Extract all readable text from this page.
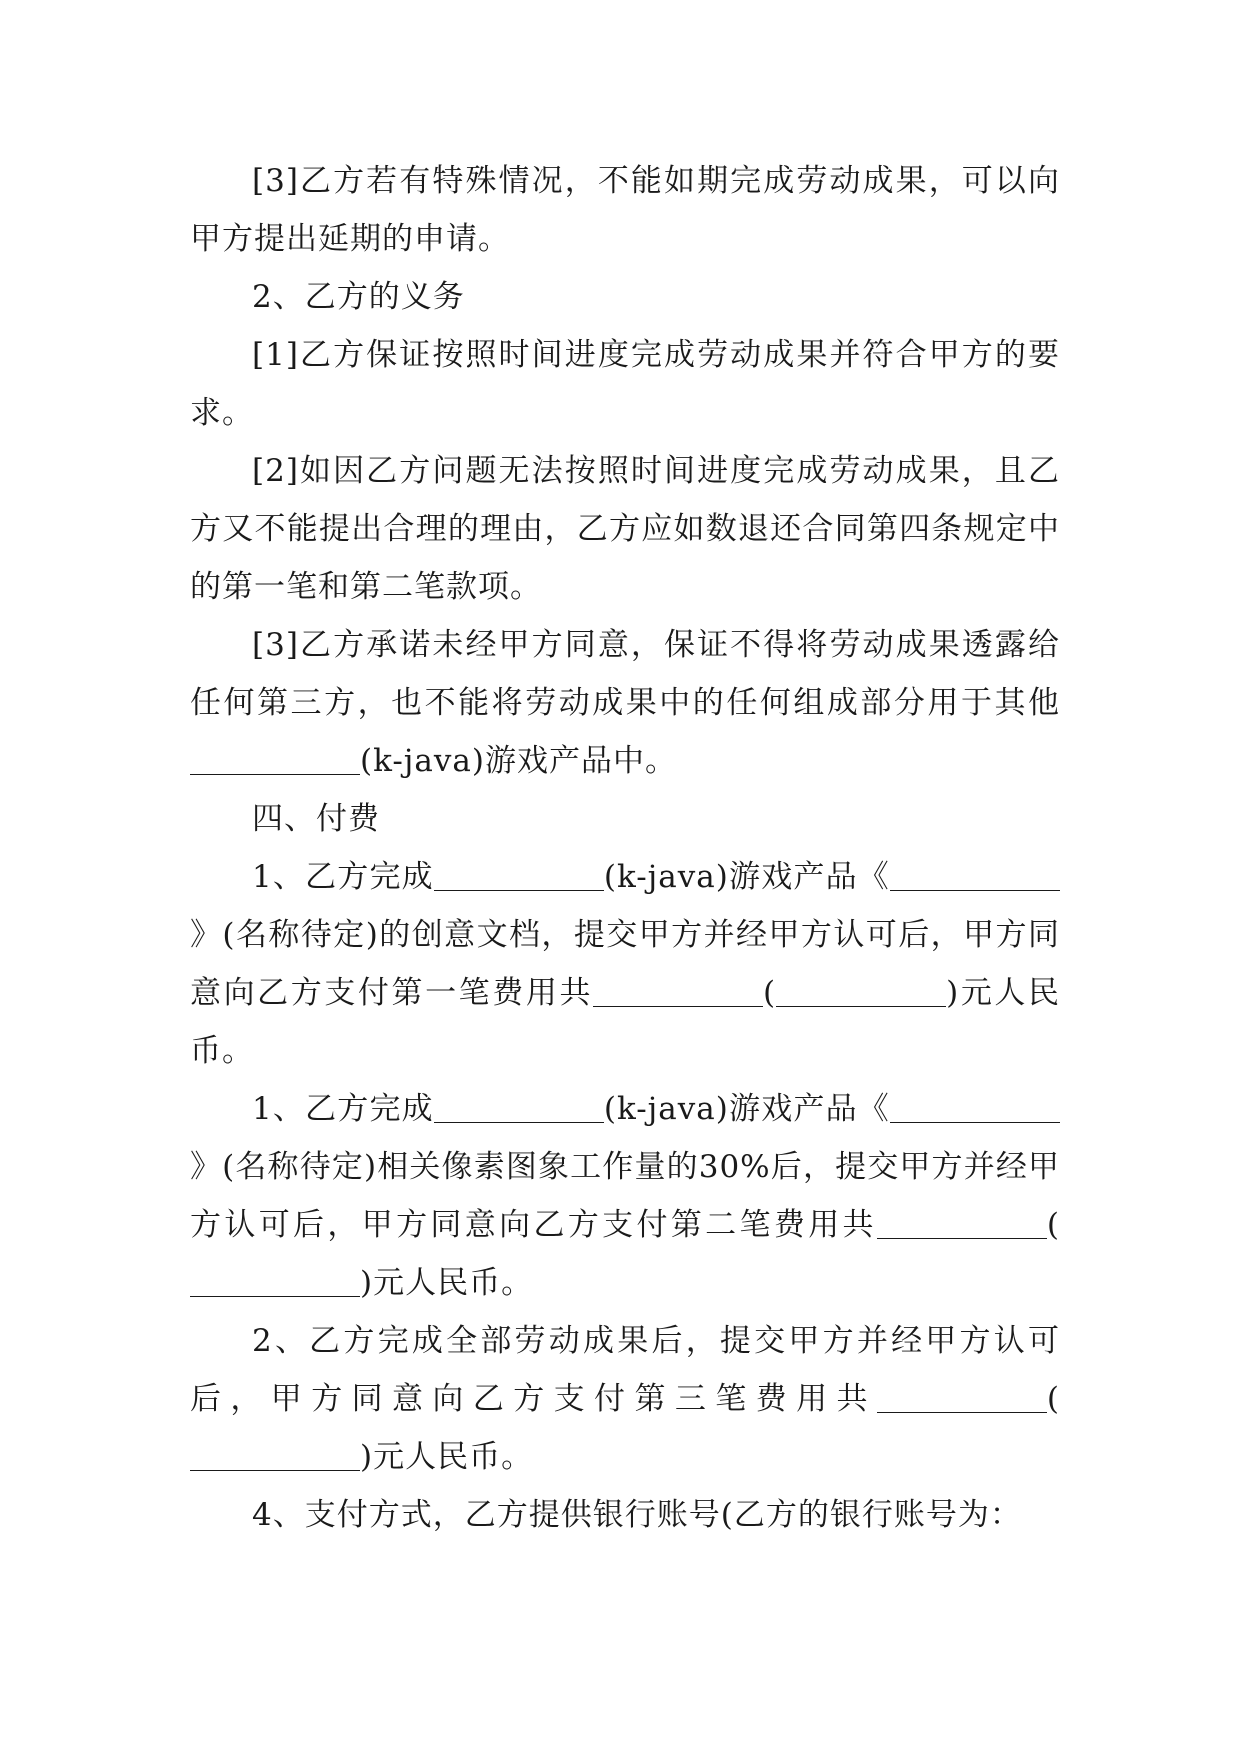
[3]乙方若有特殊情况，不能如期完成劳动成果，可以向甲方提出延期的申请。

2、乙方的义务

[1]乙方保证按照时间进度完成劳动成果并符合甲方的要求。

[2]如因乙方问题无法按照时间进度完成劳动成果，且乙方又不能提出合理的理由，乙方应如数退还合同第四条规定中的第一笔和第二笔款项。

[3]乙方承诺未经甲方同意，保证不得将劳动成果透露给任何第三方，也不能将劳动成果中的任何组成部分用于其他(k-java)游戏产品中。

四、付费

1、乙方完成	(k-java)游戏产品《》(名称待定)的创意文档，提交甲方并经甲方认可后，甲方同意向乙方支付第一笔费用共	(	)元人民币。

1、乙方完成	(k-java)游戏产品《》(名称待定)相关像素图象工作量的30%后，提交甲方并经甲方认可后，甲方同意向乙方支付第二笔费用共	()元人民币。

2、乙方完成全部劳动成果后，提交甲方并经甲方认可后，甲方同意向乙方支付第三笔费用共	()元人民币。

4、支付方式，乙方提供银行账号(乙方的银行账号为：
